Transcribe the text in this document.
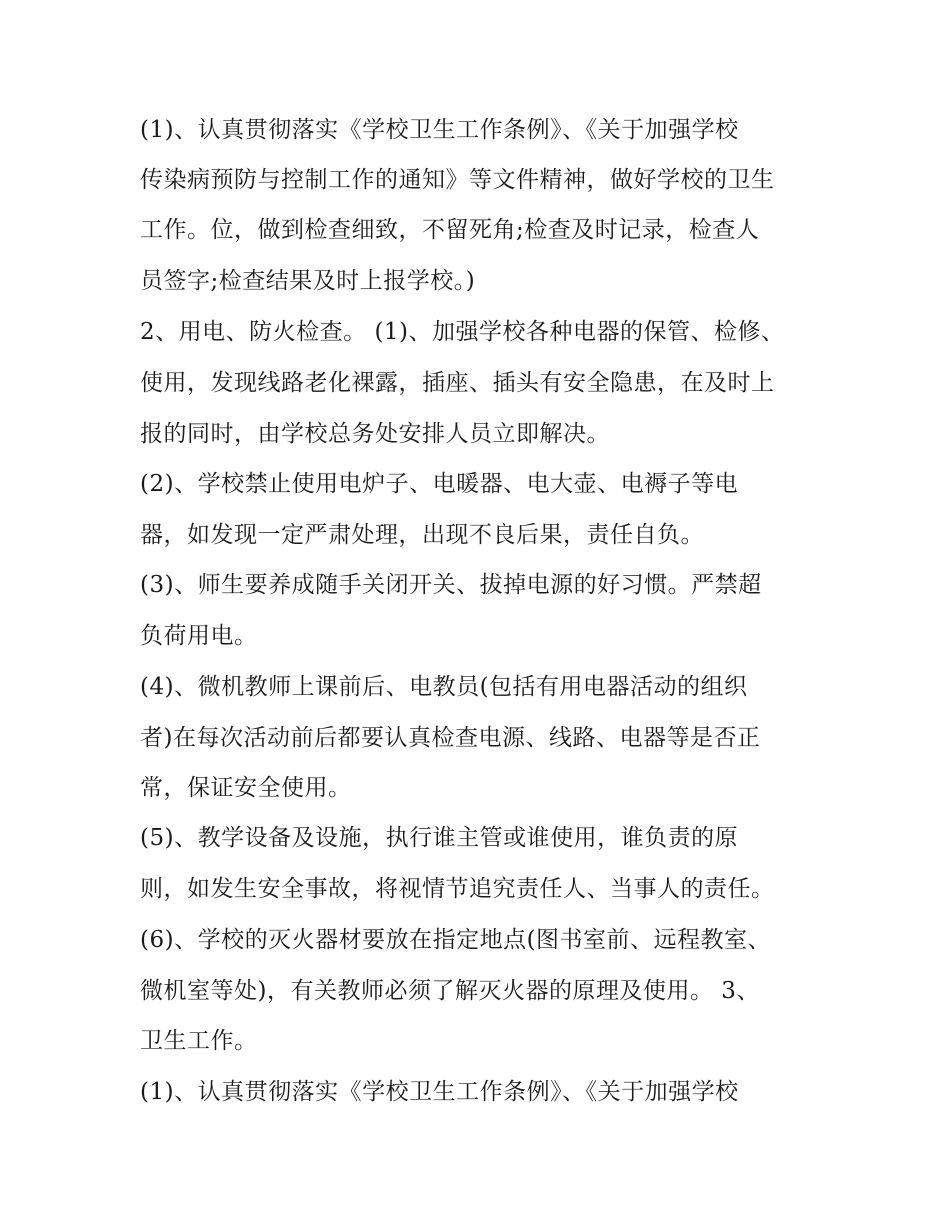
(1)、认真贯彻落实《学校卫生工作条例》、《关于加强学校
传染病预防与控制工作的通知》等文件精神，做好学校的卫生
工作。位，做到检查细致，不留死角;检查及时记录，检查人
员签字;检查结果及时上报学校。)
2、用电、防火检查。 (1)、加强学校各种电器的保管、检修、
使用，发现线路老化裸露，插座、插头有安全隐患，在及时上
报的同时，由学校总务处安排人员立即解决。
(2)、学校禁止使用电炉子、电暖器、电大壶、电褥子等电
器，如发现一定严肃处理，出现不良后果，责任自负。
(3)、师生要养成随手关闭开关、拔掉电源的好习惯。严禁超
负荷用电。
(4)、微机教师上课前后、电教员(包括有用电器活动的组织
者)在每次活动前后都要认真检查电源、线路、电器等是否正
常，保证安全使用。
(5)、教学设备及设施，执行谁主管或谁使用，谁负责的原
则，如发生安全事故，将视情节追究责任人、当事人的责任。
(6)、学校的灭火器材要放在指定地点(图书室前、远程教室、
微机室等处)，有关教师必须了解灭火器的原理及使用。 3、
卫生工作。
(1)、认真贯彻落实《学校卫生工作条例》、《关于加强学校
